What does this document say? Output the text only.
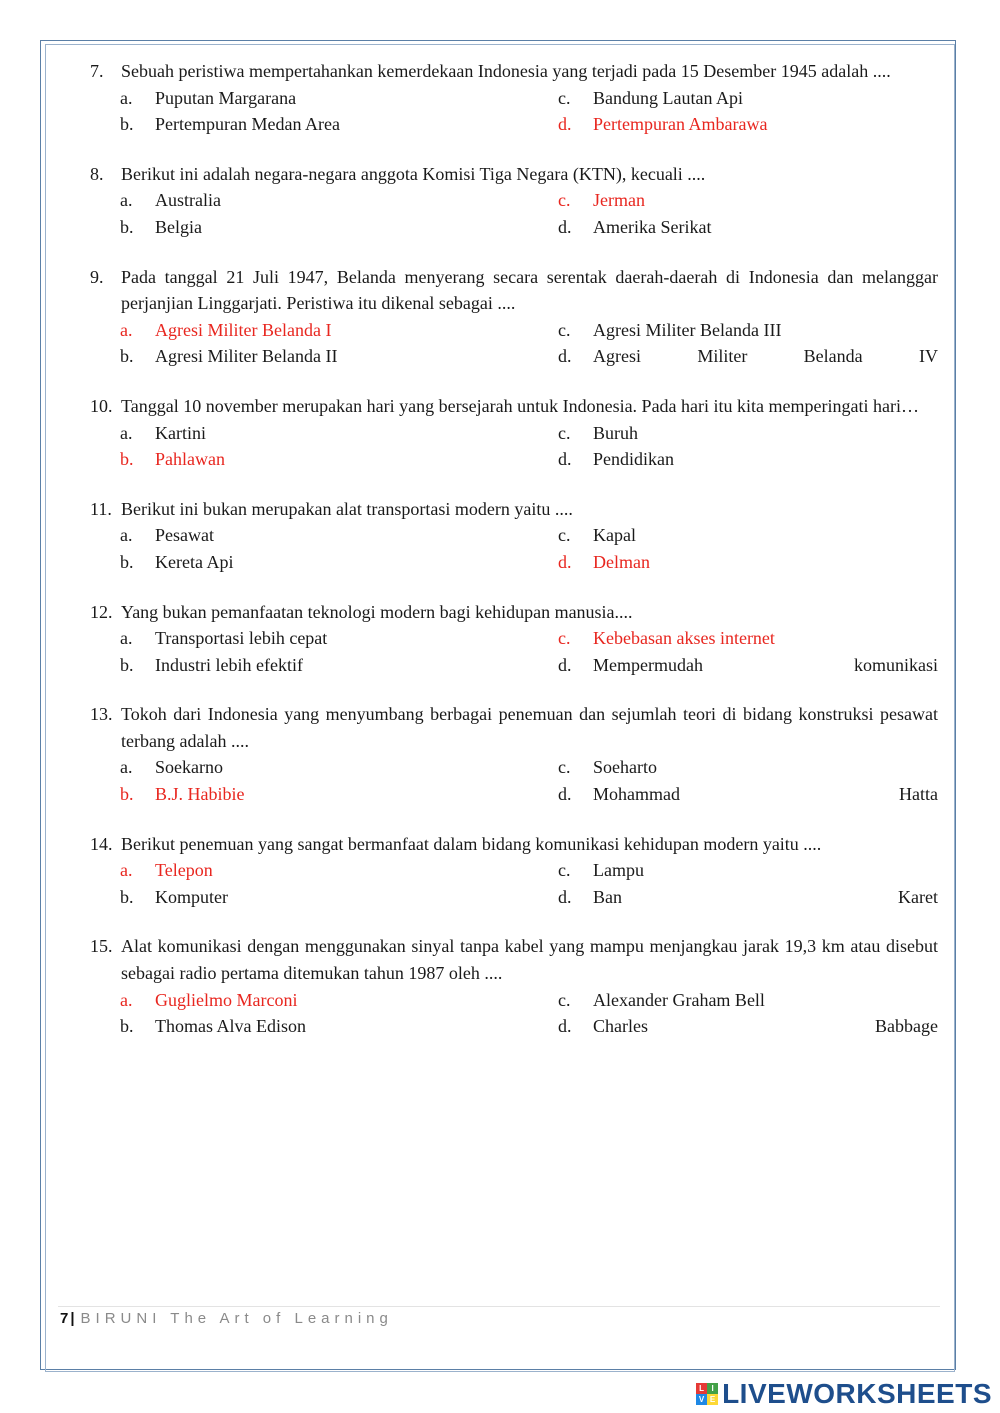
7. Sebuah peristiwa mempertahankan kemerdekaan Indonesia yang terjadi pada 15 Desember 1945 adalah ....
a.	Puputan Margarana	c.	Bandung Lautan Api
b.	Pertempuran Medan Area	d.	Pertempuran Ambarawa
8. Berikut ini adalah negara-negara anggota Komisi Tiga Negara (KTN), kecuali ....
a.	Australia	c.	Jerman
b.	Belgia	d.	Amerika Serikat
9. Pada tanggal 21 Juli 1947, Belanda menyerang secara serentak daerah-daerah di Indonesia dan melanggar perjanjian Linggarjati. Peristiwa itu dikenal sebagai ....
a.	Agresi Militer Belanda I	c.	Agresi Militer Belanda III
b.	Agresi Militer Belanda II	d.	Agresi	Militer	Belanda	IV
10. Tanggal 10 november merupakan hari yang bersejarah untuk Indonesia. Pada hari itu kita memperingati hari…
a.	Kartini	c.	Buruh
b.	Pahlawan	d.	Pendidikan
11. Berikut ini bukan merupakan alat transportasi modern yaitu ....
a.	Pesawat	c.	Kapal
b.	Kereta Api	d.	Delman
12. Yang bukan pemanfaatan teknologi modern bagi kehidupan manusia....
a.	Transportasi lebih cepat	c.	Kebebasan akses internet
b.	Industri lebih efektif	d.	Mempermudah	komunikasi
13. Tokoh dari Indonesia yang menyumbang berbagai penemuan dan sejumlah teori di bidang konstruksi pesawat terbang adalah ....
a.	Soekarno	c.	Soeharto
b.	B.J. Habibie	d.	Mohammad	Hatta
14. Berikut penemuan yang sangat bermanfaat dalam bidang komunikasi kehidupan modern yaitu ....
a.	Telepon	c.	Lampu
b.	Komputer	d.	Ban	Karet
15. Alat komunikasi dengan menggunakan sinyal tanpa kabel yang mampu menjangkau jarak 19,3 km atau disebut sebagai radio pertama ditemukan tahun 1987 oleh ....
a.	Guglielmo Marconi	c.	Alexander Graham Bell
b.	Thomas Alva Edison	d.	Charles	Babbage
7 | BIRUNI The Art of Learning
L I
V E LIVEWORKSHEETS
